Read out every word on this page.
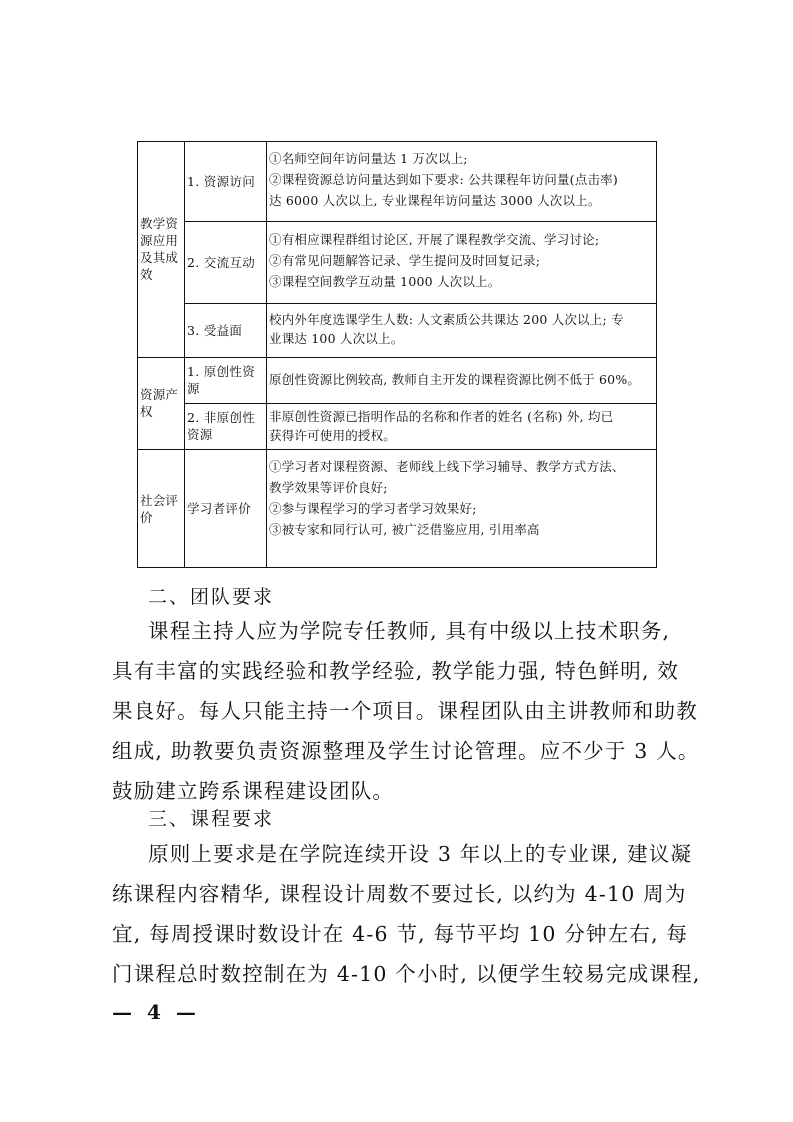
教学资源应用及其成效
1. 资源访问
①名师空间年访问量达 1 万次以上;
②课程资源总访问量达到如下要求: 公共课程年访问量(点击率)
达 6000 人次以上, 专业课程年访问量达 3000 人次以上。
2. 交流互动
①有相应课程群组讨论区, 开展了课程教学交流、学习讨论;
②有常见问题解答记录、学生提问及时回复记录;
③课程空间教学互动量 1000 人次以上。
3. 受益面
校内外年度选课学生人数: 人文素质公共课达 200 人次以上; 专
业课达 100 人次以上。
资源产权
1. 原创性资源
原创性资源比例较高, 教师自主开发的课程资源比例不低于 60%。
2. 非原创性资源
非原创性资源已指明作品的名称和作者的姓名 (名称) 外, 均已
获得许可使用的授权。
社会评价
学习者评价
①学习者对课程资源、老师线上线下学习辅导、教学方式方法、
教学效果等评价良好;
②参与课程学习的学习者学习效果好;
③被专家和同行认可, 被广泛借鉴应用, 引用率高
二、团队要求
课程主持人应为学院专任教师, 具有中级以上技术职务,
具有丰富的实践经验和教学经验, 教学能力强, 特色鲜明, 效
果良好。每人只能主持一个项目。课程团队由主讲教师和助教
组成, 助教要负责资源整理及学生讨论管理。应不少于 3 人。
鼓励建立跨系课程建设团队。
三、课程要求
原则上要求是在学院连续开设 3 年以上的专业课, 建议凝
练课程内容精华, 课程设计周数不要过长, 以约为 4-10 周为
宜, 每周授课时数设计在 4-6 节, 每节平均 10 分钟左右, 每
门课程总时数控制在为 4-10 个小时, 以便学生较易完成课程,
— 4 —
